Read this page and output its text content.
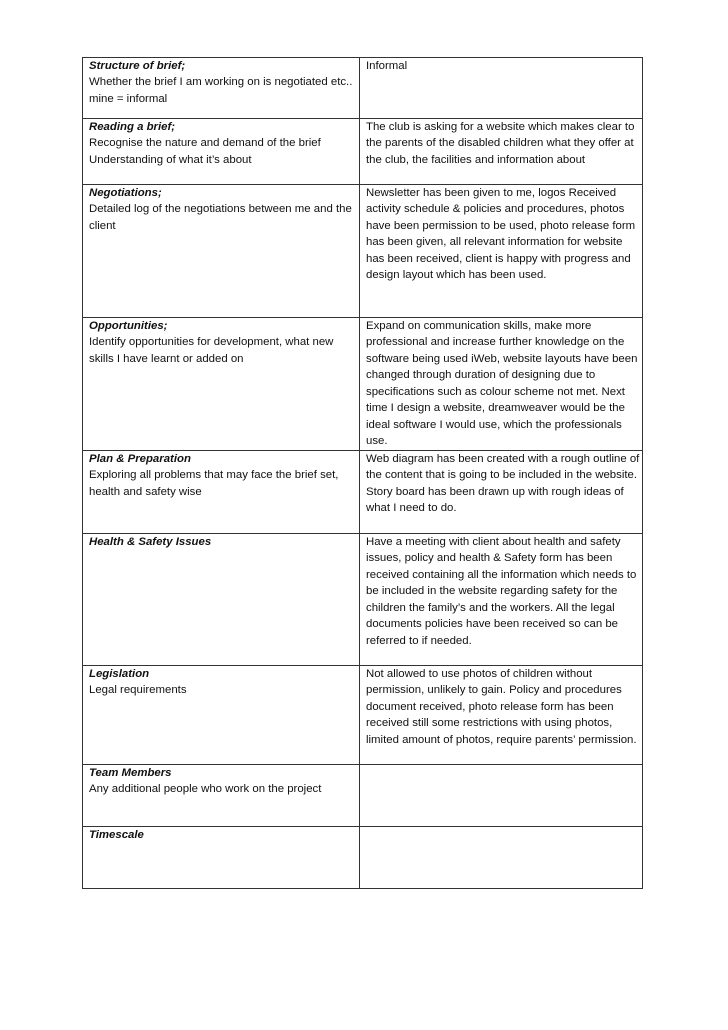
Structure of brief;
Whether the brief I am working on is negotiated etc.. mine = informal	Informal

Reading a brief;
Recognise the nature and demand of the brief Understanding of what it’s about	The club is asking for a website which makes clear to the parents of the disabled children what they offer at the club, the facilities and information about

Negotiations;
Detailed log of the negotiations between me and the client	Newsletter has been given to me, logos Received activity schedule & policies and procedures, photos have been permission to be used, photo release form has been given, all relevant information for website has been received, client is happy with progress and design layout which has been used.

Opportunities;
Identify opportunities for development, what new skills I have learnt or added on	Expand on communication skills, make more professional and increase further knowledge on the software being used iWeb, website layouts have been changed through duration of designing due to specifications such as colour scheme not met. Next time I design a website, dreamweaver would be the ideal software I would use, which the professionals use.

Plan & Preparation
Exploring all problems that may face the brief set, health and safety wise	Web diagram has been created with a rough outline of the content that is going to be included in the website. Story board has been drawn up with rough ideas of what I need to do.

Health & Safety Issues	Have a meeting with client about health and safety issues, policy and health & Safety form has been received containing all the information which needs to be included in the website regarding safety for the children the family’s and the workers. All the legal documents policies have been received so can be referred to if needed.

Legislation
Legal requirements	Not allowed to use photos of children without permission, unlikely to gain. Policy and procedures document received, photo release form has been received still some restrictions with using photos, limited amount of photos, require parents’ permission.

Team Members
Any additional people who work on the project	

Timescale	
